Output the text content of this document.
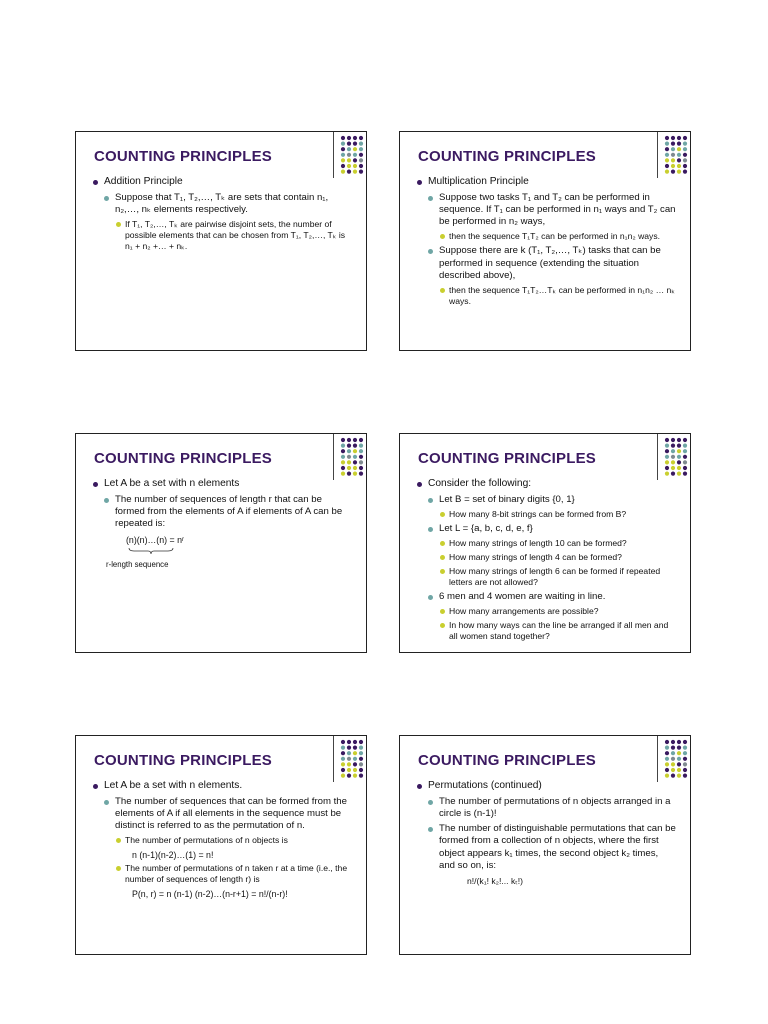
COUNTING PRINCIPLES
Addition Principle
Suppose that T₁, T₂,…, Tₖ are sets that contain n₁, n₂,…, nₖ elements respectively.
If T₁, T₂,…, Tₖ are pairwise disjoint sets, the number of possible elements that can be chosen from T₁, T₂,…, Tₖ is n₁ + n₂ +… + nₖ.
COUNTING PRINCIPLES
Multiplication Principle
Suppose two tasks T₁ and T₂ can be performed in sequence. If T₁ can be performed in n₁ ways and T₂ can be performed in n₂ ways,
then the sequence T₁T₂ can be performed in n₁n₂ ways.
Suppose there are k (T₁, T₂,…, Tₖ) tasks that can be performed in sequence (extending the situation described above),
then the sequence T₁T₂…Tₖ can be performed in n₁n₂ … nₖ ways.
COUNTING PRINCIPLES
Let A be a set with n elements
The number of sequences of length r that can be formed from the elements of A if elements of A can be repeated is:
(n)(n)…(n) = nʳ
r-length sequence
COUNTING PRINCIPLES
Consider the following:
Let B = set of binary digits {0, 1}
How many 8-bit strings can be formed from B?
Let L = {a, b, c, d, e, f}
How many strings of length 10 can be formed?
How many strings of length 4 can be formed?
How many strings of length 6 can be formed if repeated letters are not allowed?
6 men and 4 women are waiting in line.
How many arrangements are possible?
In how many ways can the line be arranged if all men and all women stand together?
COUNTING PRINCIPLES
Let A be a set with n elements.
The number of sequences that can be formed from the elements of A if all elements in the sequence must be distinct is referred to as the permutation of n.
The number of permutations of n objects is
n (n-1)(n-2)…(1) = n!
The number of permutations of n taken r at a time (i.e., the number of sequences of length r) is
P(n, r) = n (n-1) (n-2)…(n-r+1) = n!/(n-r)!
COUNTING PRINCIPLES
Permutations (continued)
The number of permutations of n objects arranged in a circle is (n-1)!
The number of distinguishable permutations that can be formed from a collection of n objects, where the first object appears k₁ times, the second object k₂ times, and so on, is:
n!/(k₁! k₂!... kₜ!)
